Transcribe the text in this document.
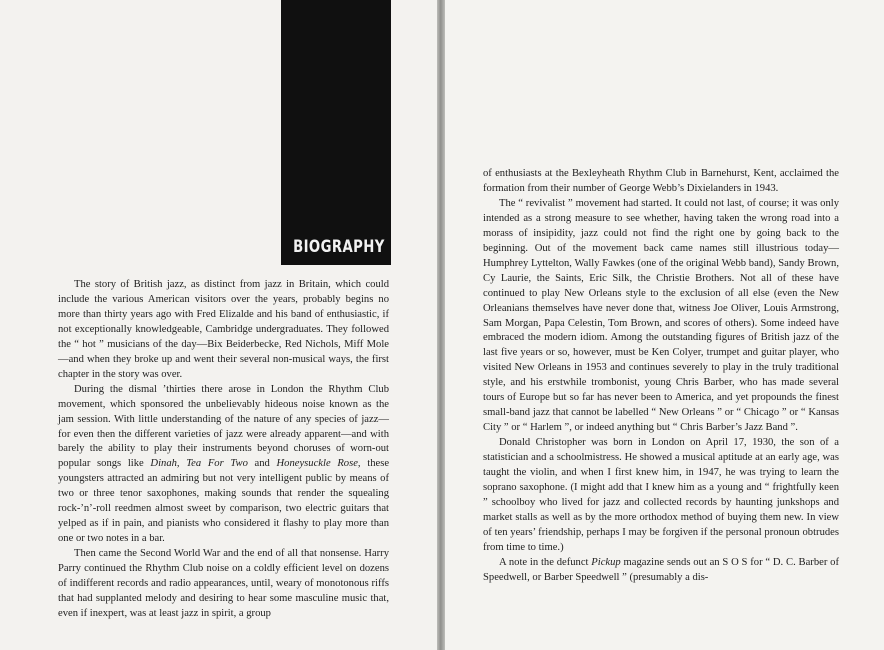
BIOGRAPHY

The story of British jazz, as distinct from jazz in Britain, which could include the various American visitors over the years, probably begins no more than thirty years ago with Fred Elizalde and his band of enthusiastic, if not exceptionally knowledgeable, Cambridge undergraduates. They followed the “ hot ” musicians of the day—Bix Beiderbecke, Red Nichols, Miff Mole—and when they broke up and went their several non-musical ways, the first chapter in the story was over.

During the dismal ’thirties there arose in London the Rhythm Club movement, which sponsored the unbelievably hideous noise known as the jam session. With little understanding of the nature of any species of jazz—for even then the different varieties of jazz were already apparent—and with barely the ability to play their instruments beyond choruses of worn-out popular songs like Dinah, Tea For Two and Honeysuckle Rose, these youngsters attracted an admiring but not very intelligent public by means of two or three tenor saxophones, making sounds that render the squealing rock-’n’-roll reedmen almost sweet by comparison, two electric guitars that yelped as if in pain, and pianists who considered it flashy to play more than one or two notes in a bar.

Then came the Second World War and the end of all that nonsense. Harry Parry continued the Rhythm Club noise on a coldly efficient level on dozens of indifferent records and radio appearances, until, weary of monotonous riffs that had supplanted melody and desiring to hear some masculine music that, even if inexpert, was at least jazz in spirit, a group

of enthusiasts at the Bexleyheath Rhythm Club in Barnehurst, Kent, acclaimed the formation from their number of George Webb’s Dixielanders in 1943.

The “ revivalist ” movement had started. It could not last, of course; it was only intended as a strong measure to see whether, having taken the wrong road into a morass of insipidity, jazz could not find the right one by going back to the beginning. Out of the movement back came names still illustrious today—Humphrey Lyttelton, Wally Fawkes (one of the original Webb band), Sandy Brown, Cy Laurie, the Saints, Eric Silk, the Christie Brothers. Not all of these have continued to play New Orleans style to the exclusion of all else (even the New Orleanians themselves have never done that, witness Joe Oliver, Louis Armstrong, Sam Morgan, Papa Celestin, Tom Brown, and scores of others). Some indeed have embraced the modern idiom. Among the outstanding figures of British jazz of the last five years or so, however, must be Ken Colyer, trumpet and guitar player, who visited New Orleans in 1953 and continues severely to play in the truly traditional style, and his erstwhile trombonist, young Chris Barber, who has made several tours of Europe but so far has never been to America, and yet propounds the finest small-band jazz that cannot be labelled “ New Orleans ” or “ Chicago ” or “ Kansas City ” or “ Harlem ”, or indeed anything but “ Chris Barber’s Jazz Band ”.

Donald Christopher was born in London on April 17, 1930, the son of a statistician and a schoolmistress. He showed a musical aptitude at an early age, was taught the violin, and when I first knew him, in 1947, he was trying to learn the soprano saxophone. (I might add that I knew him as a young and “ frightfully keen ” schoolboy who lived for jazz and collected records by haunting junkshops and market stalls as well as by the more orthodox method of buying them new. In view of ten years’ friendship, perhaps I may be forgiven if the personal pronoun obtrudes from time to time.)

A note in the defunct Pickup magazine sends out an S O S for “ D. C. Barber of Speedwell, or Barber Speedwell ” (presumably a dis-
